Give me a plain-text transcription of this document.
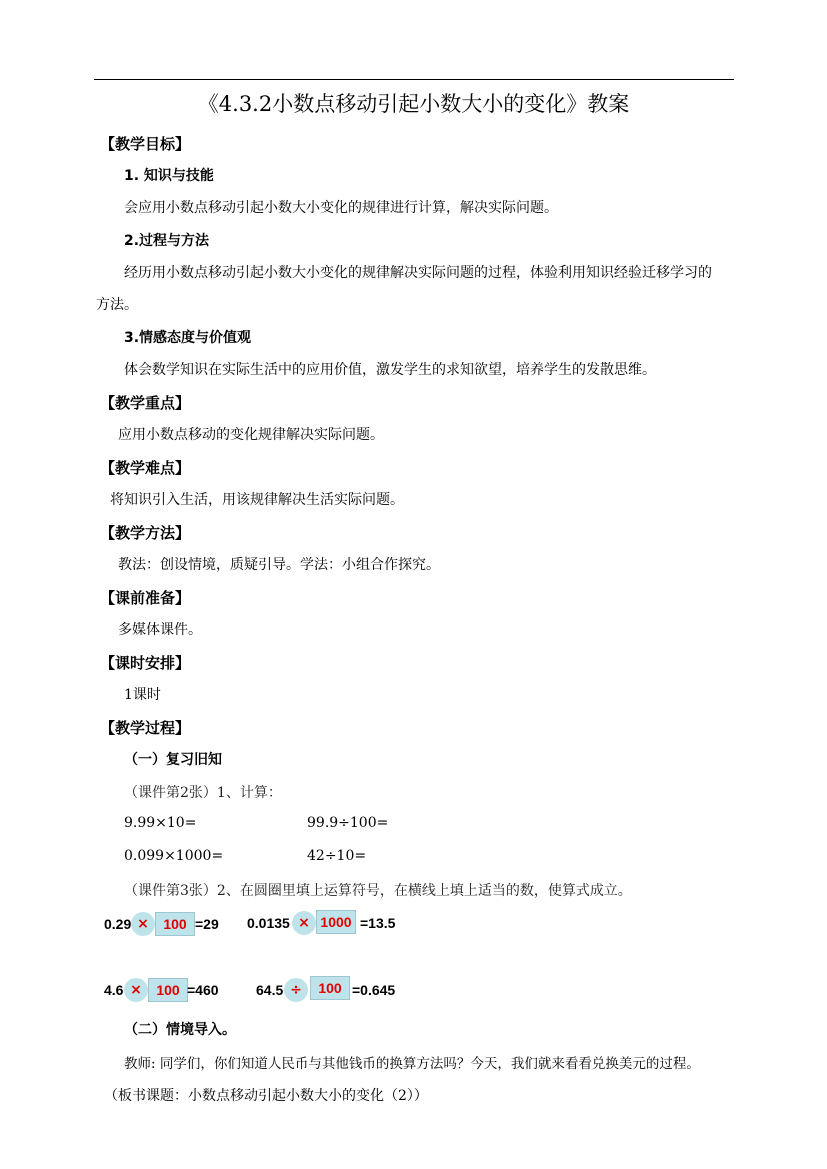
《4.3.2小数点移动引起小数大小的变化》教案
【教学目标】
1. 知识与技能
会应用小数点移动引起小数大小变化的规律进行计算，解决实际问题。
2.过程与方法
经历用小数点移动引起小数大小变化的规律解决实际问题的过程，体验利用知识经验迁移学习的
方法。
3.情感态度与价值观
体会数学知识在实际生活中的应用价值，激发学生的求知欲望，培养学生的发散思维。
【教学重点】
应用小数点移动的变化规律解决实际问题。
【教学难点】
将知识引入生活，用该规律解决生活实际问题。
【教学方法】
教法：创设情境，质疑引导。学法：小组合作探究。
【课前准备】
多媒体课件。
【课时安排】
1课时
【教学过程】
（一）复习旧知
（课件第2张）1、计算：
9.99×10=	99.9÷100=
0.099×1000=	42÷10=
（课件第3张）2、在圆圈里填上运算符号，在横线上填上适当的数，使算式成立。
0.29 ×	100 =29 0.0135 × 1000 =13.5
4.6 ×	100 =460	64.5 ÷	100 =0.645
（二）情境导入。
教师: 同学们，你们知道人民币与其他钱币的换算方法吗？今天，我们就来看看兑换美元的过程。
（板书课题：小数点移动引起小数大小的变化（2））
